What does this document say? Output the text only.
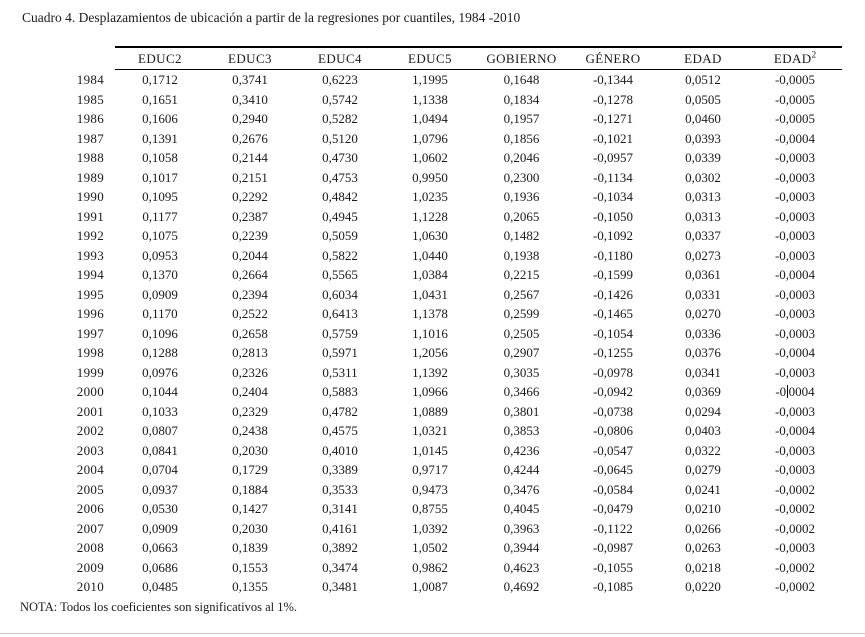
Cuadro 4. Desplazamientos de ubicación a partir de la regresiones por cuantiles, 1984 -2010
	EDUC2	EDUC3	EDUC4	EDUC5	GOBIERNO	GÉNERO	EDAD	EDAD$^2$
1984	0,1712	0,3741	0,6223	1,1995	0,1648	-0,1344	0,0512	-0,0005
1985	0,1651	0,3410	0,5742	1,1338	0,1834	-0,1278	0,0505	-0,0005
1986	0,1606	0,2940	0,5282	1,0494	0,1957	-0,1271	0,0460	-0,0005
1987	0,1391	0,2676	0,5120	1,0796	0,1856	-0,1021	0,0393	-0,0004
1988	0,1058	0,2144	0,4730	1,0602	0,2046	-0,0957	0,0339	-0,0003
1989	0,1017	0,2151	0,4753	0,9950	0,2300	-0,1134	0,0302	-0,0003
1990	0,1095	0,2292	0,4842	1,0235	0,1936	-0,1034	0,0313	-0,0003
1991	0,1177	0,2387	0,4945	1,1228	0,2065	-0,1050	0,0313	-0,0003
1992	0,1075	0,2239	0,5059	1,0630	0,1482	-0,1092	0,0337	-0,0003
1993	0,0953	0,2044	0,5822	1,0440	0,1938	-0,1180	0,0273	-0,0003
1994	0,1370	0,2664	0,5565	1,0384	0,2215	-0,1599	0,0361	-0,0004
1995	0,0909	0,2394	0,6034	1,0431	0,2567	-0,1426	0,0331	-0,0003
1996	0,1170	0,2522	0,6413	1,1378	0,2599	-0,1465	0,0270	-0,0003
1997	0,1096	0,2658	0,5759	1,1016	0,2505	-0,1054	0,0336	-0,0003
1998	0,1288	0,2813	0,5971	1,2056	0,2907	-0,1255	0,0376	-0,0004
1999	0,0976	0,2326	0,5311	1,1392	0,3035	-0,0978	0,0341	-0,0003
2000	0,1044	0,2404	0,5883	1,0966	0,3466	-0,0942	0,0369	-0 0004
2001	0,1033	0,2329	0,4782	1,0889	0,3801	-0,0738	0,0294	-0,0003
2002	0,0807	0,2438	0,4575	1,0321	0,3853	-0,0806	0,0403	-0,0004
2003	0,0841	0,2030	0,4010	1,0145	0,4236	-0,0547	0,0322	-0,0003
2004	0,0704	0,1729	0,3389	0,9717	0,4244	-0,0645	0,0279	-0,0003
2005	0,0937	0,1884	0,3533	0,9473	0,3476	-0,0584	0,0241	-0,0002
2006	0,0530	0,1427	0,3141	0,8755	0,4045	-0,0479	0,0210	-0,0002
2007	0,0909	0,2030	0,4161	1,0392	0,3963	-0,1122	0,0266	-0,0002
2008	0,0663	0,1839	0,3892	1,0502	0,3944	-0,0987	0,0263	-0,0003
2009	0,0686	0,1553	0,3474	0,9862	0,4623	-0,1055	0,0218	-0,0002
2010	0,0485	0,1355	0,3481	1,0087	0,4692	-0,1085	0,0220	-0,0002
NOTA: Todos los coeficientes son significativos al 1%.
